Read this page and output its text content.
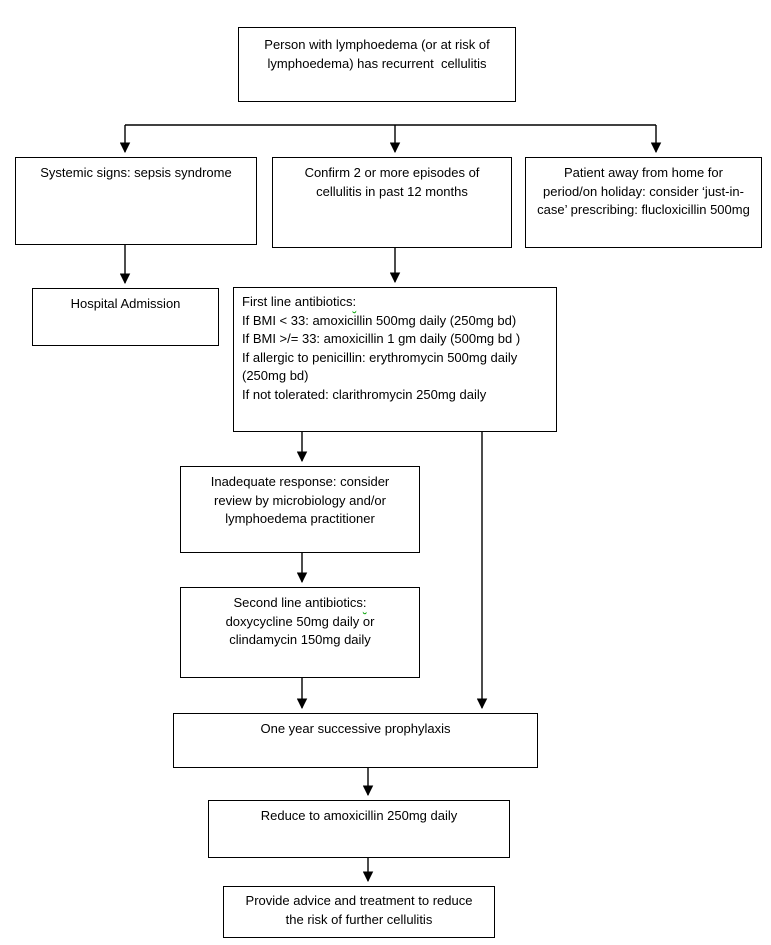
Person with lymphoedema (or at risk of
lymphoedema) has recurrent  cellulitis
Systemic signs: sepsis syndrome	Confirm 2 or more episodes of
cellulitis in past 12 months
Patient away from home for
period/on holiday: consider ‘just-in-
case’ prescribing: flucloxicillin 500mg
Hospital Admission	First line antibiotics:
If BMI < 33: amoxicillin 500mg daily (250mg bd)
If BMI >/= 33: amoxicillin 1 gm daily (500mg bd )
If allergic to penicillin: erythromycin 500mg daily
(250mg bd)
If not tolerated: clarithromycin 250mg daily
Inadequate response: consider
review by microbiology and/or
lymphoedema practitioner
Second line antibiotics:
doxycycline 50mg daily or
clindamycin 150mg daily
One year successive prophylaxis
Reduce to amoxicillin 250mg daily
Provide advice and treatment to reduce
the risk of further cellulitis
